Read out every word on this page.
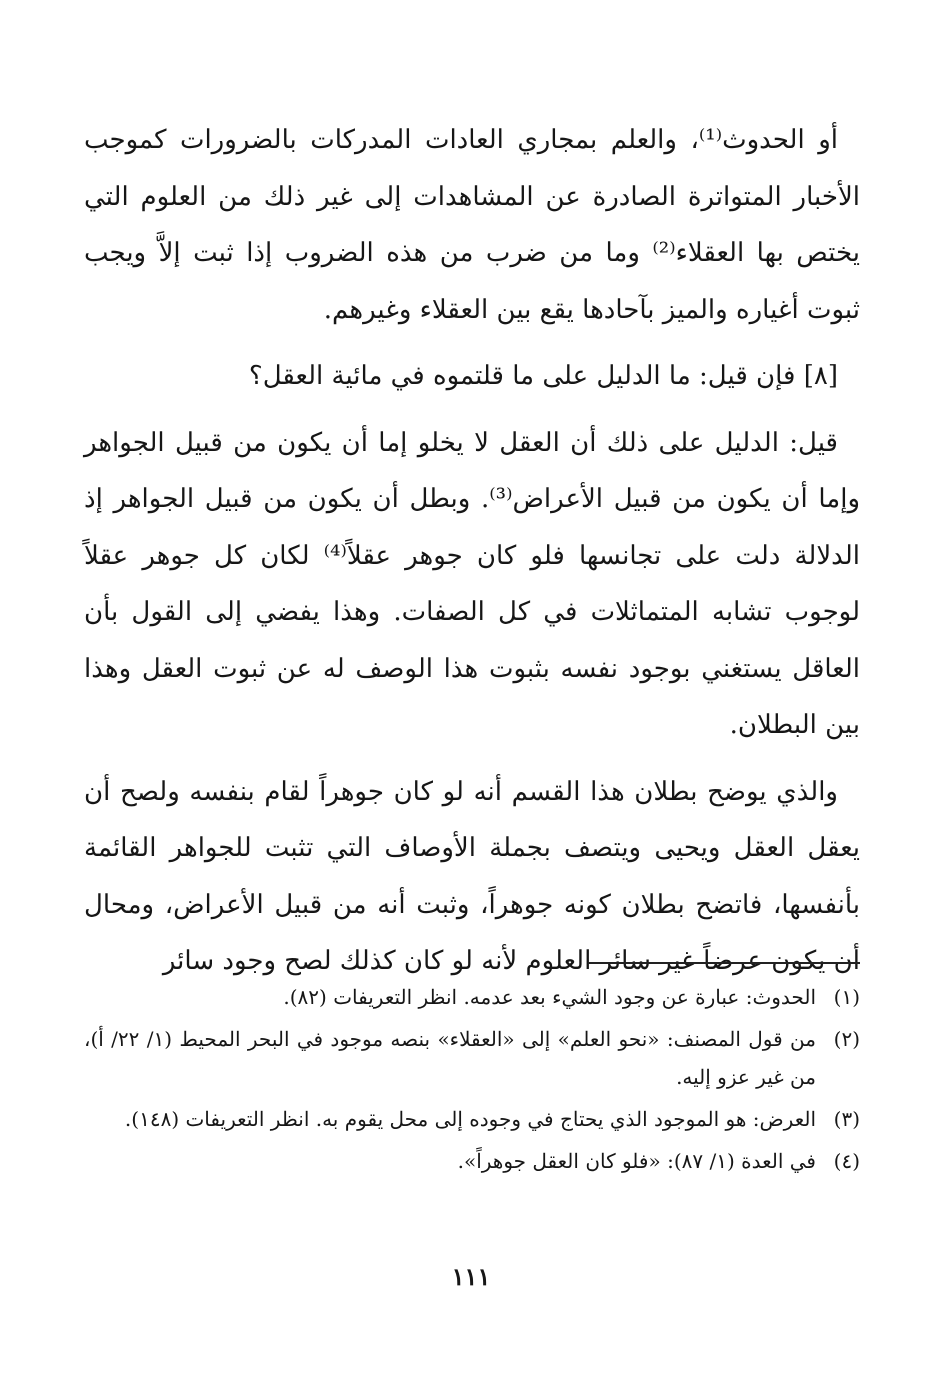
أو الحدوث⁽¹⁾، والعلم بمجاري العادات المدركات بالضرورات كموجب الأخبار المتواترة الصادرة عن المشاهدات إلى غير ذلك من العلوم التي يختص بها العقلاء⁽²⁾ وما من ضرب من هذه الضروب إذا ثبت إلاَّ ويجب ثبوت أغياره والميز بآحادها يقع بين العقلاء وغيرهم.

[٨] فإن قيل: ما الدليل على ما قلتموه في مائية العقل؟

قيل: الدليل على ذلك أن العقل لا يخلو إما أن يكون من قبيل الجواهر وإما أن يكون من قبيل الأعراض⁽³⁾. وبطل أن يكون من قبيل الجواهر إذ الدلالة دلت على تجانسها فلو كان جوهر عقلاً⁽⁴⁾ لكان كل جوهر عقلاً لوجوب تشابه المتماثلات في كل الصفات. وهذا يفضي إلى القول بأن العاقل يستغني بوجود نفسه بثبوت هذا الوصف له عن ثبوت العقل وهذا بين البطلان.

والذي يوضح بطلان هذا القسم أنه لو كان جوهراً لقام بنفسه ولصح أن يعقل العقل ويحيى ويتصف بجملة الأوصاف التي تثبت للجواهر القائمة بأنفسها، فاتضح بطلان كونه جوهراً، وثبت أنه من قبيل الأعراض، ومحال أن يكون عرضاً غير سائر العلوم لأنه لو كان كذلك لصح وجود سائر

(١)
الحدوث: عبارة عن وجود الشيء بعد عدمه. انظر التعريفات (٨٢).
(٢)
من قول المصنف: «نحو العلم» إلى «العقلاء» بنصه موجود في البحر المحيط (١/ ٢٢/ أ)، من غير عزو إليه.
(٣)
العرض: هو الموجود الذي يحتاج في وجوده إلى محل يقوم به. انظر التعريفات (١٤٨).
(٤)
في العدة (١/ ٨٧): «فلو كان العقل جوهراً».
١١١
